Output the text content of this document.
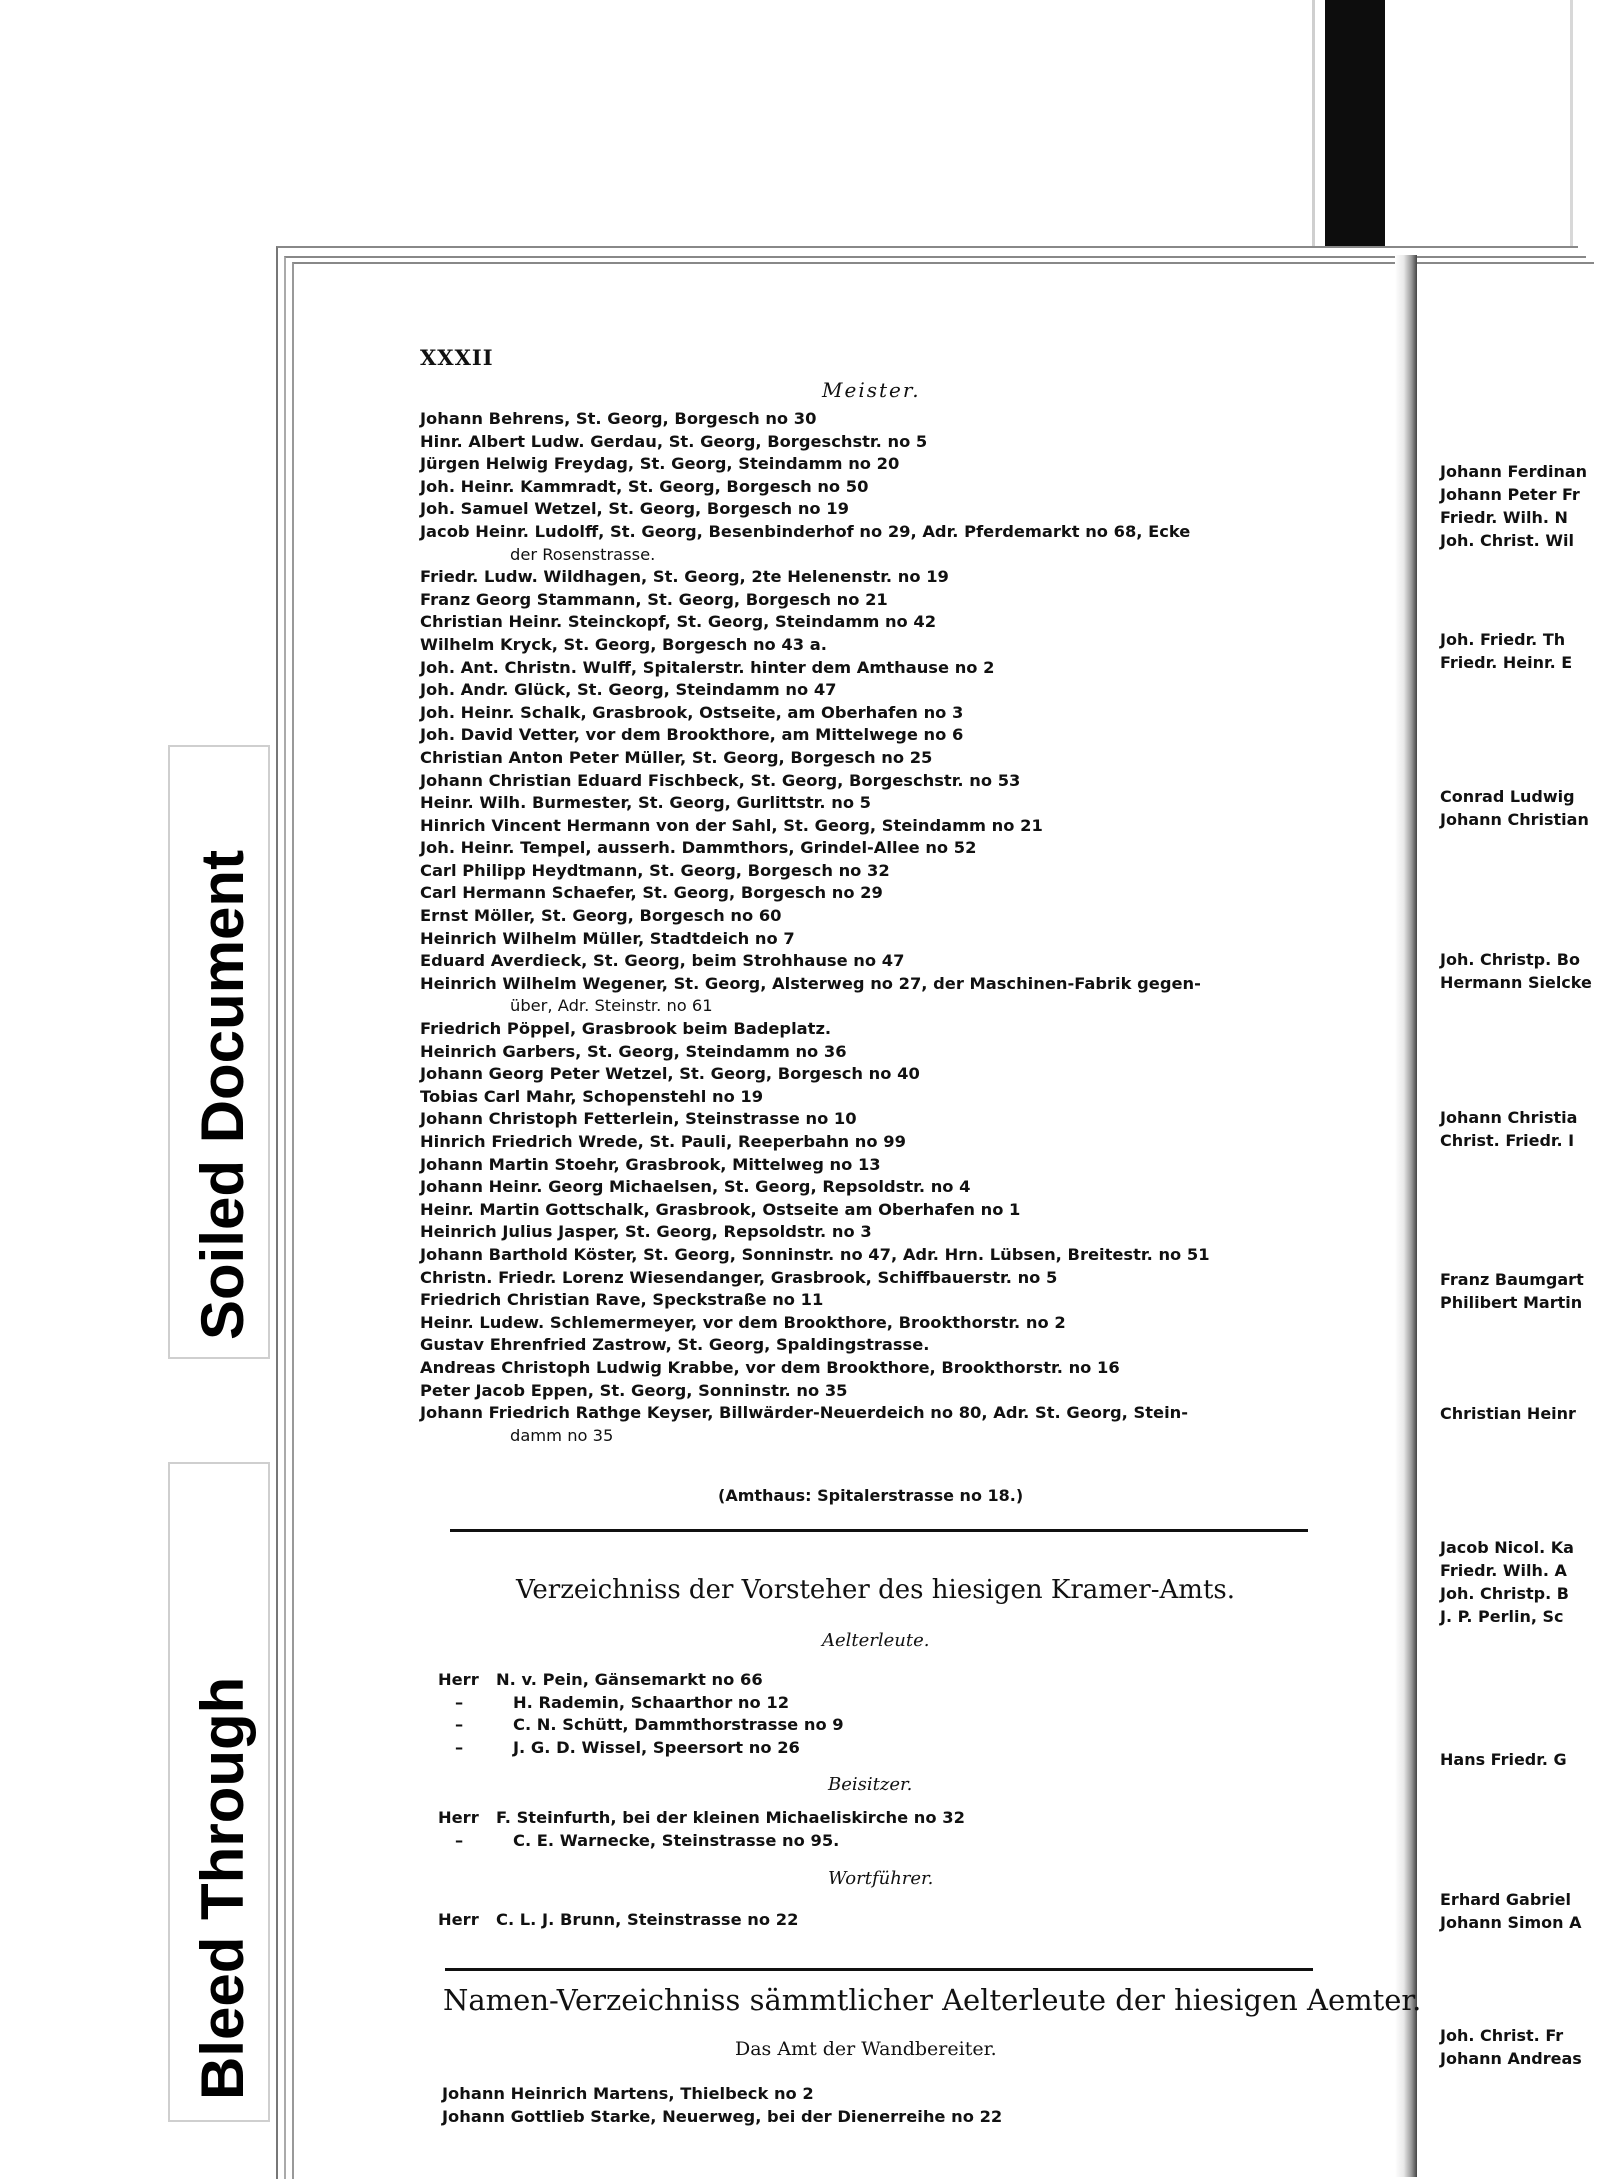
XXXII
Meister.
Johann Behrens, St. Georg, Borgesch no 30
Hinr. Albert Ludw. Gerdau, St. Georg, Borgeschstr. no 5
Jürgen Helwig Freydag, St. Georg, Steindamm no 20
Joh. Heinr. Kammradt, St. Georg, Borgesch no 50
Joh. Samuel Wetzel, St. Georg, Borgesch no 19
Jacob Heinr. Ludolff, St. Georg, Besenbinderhof no 29, Adr. Pferdemarkt no 68, Ecke
der Rosenstrasse.
Friedr. Ludw. Wildhagen, St. Georg, 2te Helenenstr. no 19
Franz Georg Stammann, St. Georg, Borgesch no 21
Christian Heinr. Steinckopf, St. Georg, Steindamm no 42
Wilhelm Kryck, St. Georg, Borgesch no 43 a.
Joh. Ant. Christn. Wulff, Spitalerstr. hinter dem Amthause no 2
Joh. Andr. Glück, St. Georg, Steindamm no 47
Joh. Heinr. Schalk, Grasbrook, Ostseite, am Oberhafen no 3
Joh. David Vetter, vor dem Brookthore, am Mittelwege no 6
Christian Anton Peter Müller, St. Georg, Borgesch no 25
Johann Christian Eduard Fischbeck, St. Georg, Borgeschstr. no 53
Heinr. Wilh. Burmester, St. Georg, Gurlittstr. no 5
Hinrich Vincent Hermann von der Sahl, St. Georg, Steindamm no 21
Joh. Heinr. Tempel, ausserh. Dammthors, Grindel-Allee no 52
Carl Philipp Heydtmann, St. Georg, Borgesch no 32
Carl Hermann Schaefer, St. Georg, Borgesch no 29
Ernst Möller, St. Georg, Borgesch no 60
Heinrich Wilhelm Müller, Stadtdeich no 7
Eduard Averdieck, St. Georg, beim Strohhause no 47
Heinrich Wilhelm Wegener, St. Georg, Alsterweg no 27, der Maschinen-Fabrik gegen-
über, Adr. Steinstr. no 61
Friedrich Pöppel, Grasbrook beim Badeplatz.
Heinrich Garbers, St. Georg, Steindamm no 36
Johann Georg Peter Wetzel, St. Georg, Borgesch no 40
Tobias Carl Mahr, Schopenstehl no 19
Johann Christoph Fetterlein, Steinstrasse no 10
Hinrich Friedrich Wrede, St. Pauli, Reeperbahn no 99
Johann Martin Stoehr, Grasbrook, Mittelweg no 13
Johann Heinr. Georg Michaelsen, St. Georg, Repsoldstr. no 4
Heinr. Martin Gottschalk, Grasbrook, Ostseite am Oberhafen no 1
Heinrich Julius Jasper, St. Georg, Repsoldstr. no 3
Johann Barthold Köster, St. Georg, Sonninstr. no 47, Adr. Hrn. Lübsen, Breitestr. no 51
Christn. Friedr. Lorenz Wiesendanger, Grasbrook, Schiffbauerstr. no 5
Friedrich Christian Rave, Speckstraße no 11
Heinr. Ludew. Schlemermeyer, vor dem Brookthore, Brookthorstr. no 2
Gustav Ehrenfried Zastrow, St. Georg, Spaldingstrasse.
Andreas Christoph Ludwig Krabbe, vor dem Brookthore, Brookthorstr. no 16
Peter Jacob Eppen, St. Georg, Sonninstr. no 35
Johann Friedrich Rathge Keyser, Billwärder-Neuerdeich no 80, Adr. St. Georg, Stein-
damm no 35
(Amthaus: Spitalerstrasse no 18.)
Verzeichniss der Vorsteher des hiesigen Kramer-Amts.
Aelterleute.
Herr N. v. Pein, Gänsemarkt no 66
–	H. Rademin, Schaarthor no 12
–	C. N. Schütt, Dammthorstrasse no 9
–	J. G. D. Wissel, Speersort no 26
Beisitzer.
Herr F. Steinfurth, bei der kleinen Michaeliskirche no 32
–	C. E. Warnecke, Steinstrasse no 95.
Wortführer.
Herr C. L. J. Brunn, Steinstrasse no 22
Namen-Verzeichniss sämmtlicher Aelterleute der hiesigen Aemter.
Das Amt der Wandbereiter.
Johann Heinrich Martens, Thielbeck no 2
Johann Gottlieb Starke, Neuerweg, bei der Dienerreihe no 22
Johann Ferdinan
Johann Peter Fr
Friedr. Wilh. N
Joh. Christ. Wil
Joh. Friedr. Th
Friedr. Heinr. E
Conrad Ludwig
Johann Christian
Joh. Christp. Bo
Hermann Sielcke
Johann Christia
Christ. Friedr. I
Franz Baumgart
Philibert Martin
Christian Heinr
Jacob Nicol. Ka
Friedr. Wilh. A
Joh. Christp. B
J. P. Perlin, Sc
Hans Friedr. G
Erhard Gabriel
Johann Simon A
Joh. Christ. Fr
Johann Andreas
Soiled Document
Bleed Through
